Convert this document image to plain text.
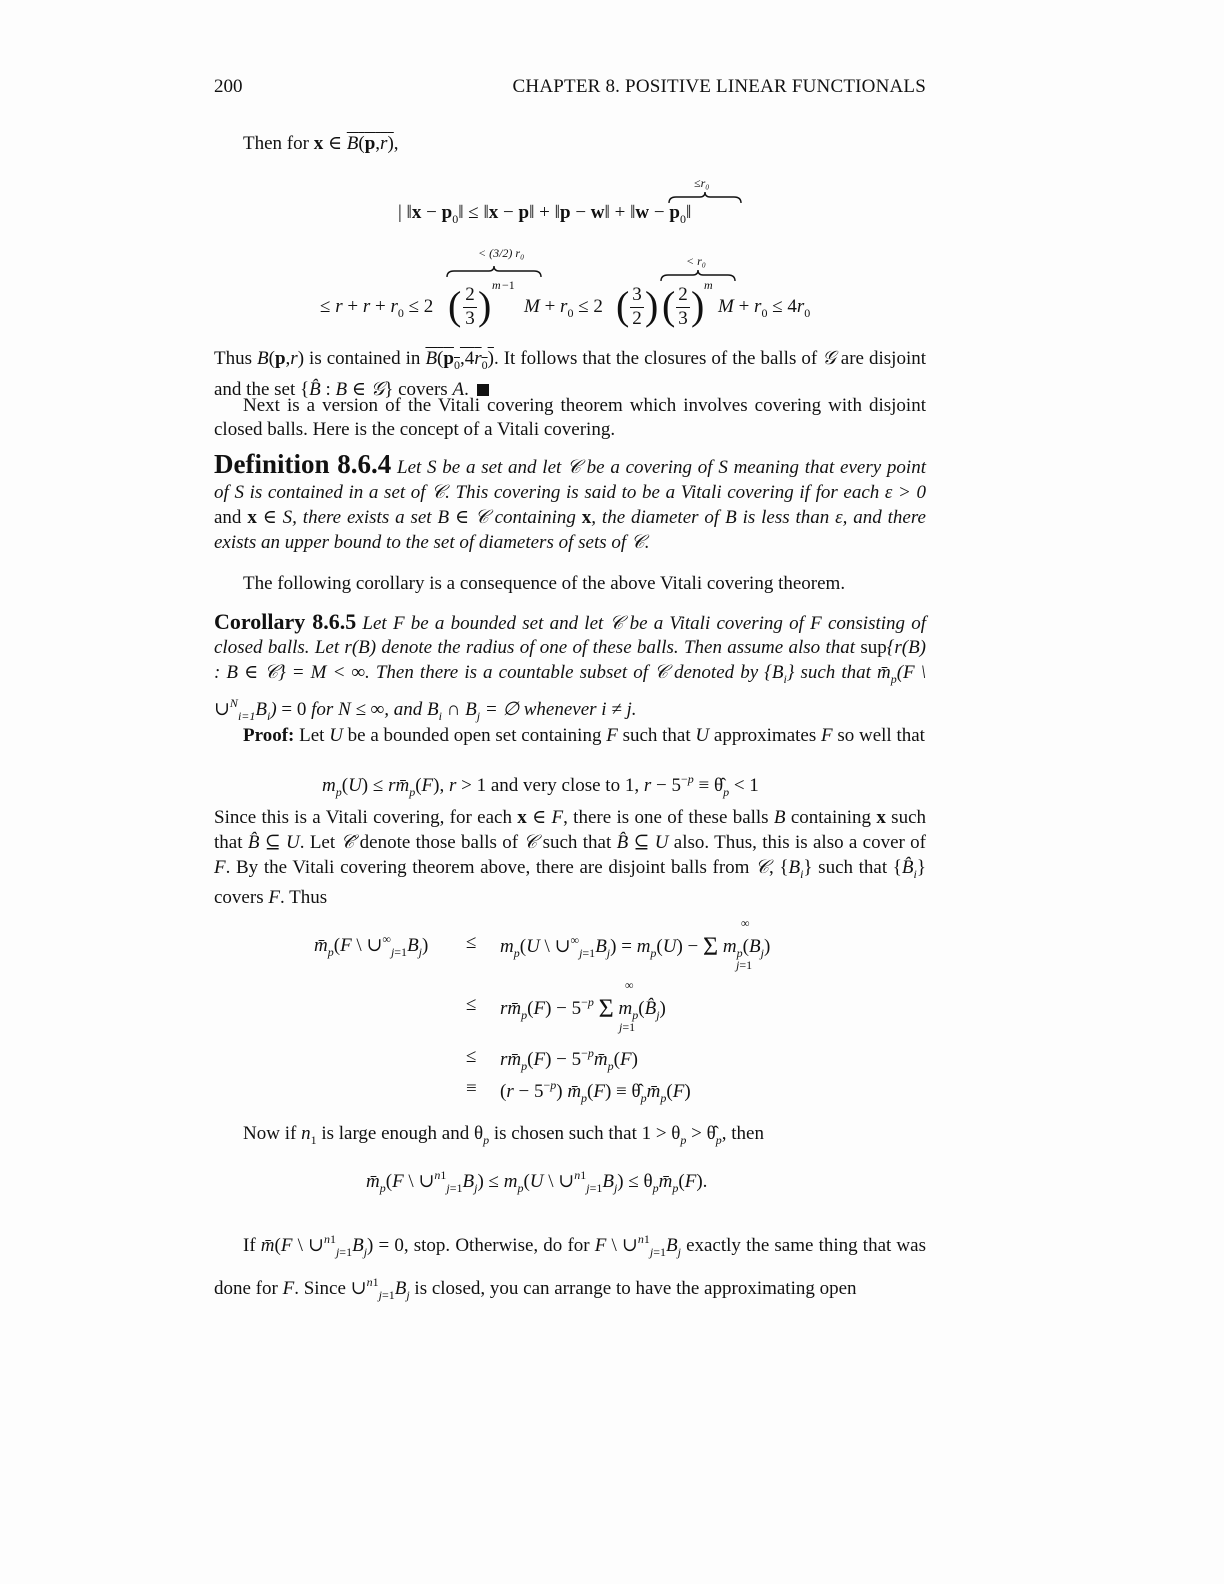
200	CHAPTER 8. POSITIVE LINEAR FUNCTIONALS
Then for x ∈ $\overline{B}(p,r)$,
≤r₀
| ‖x − $p_0‖$ ≤ ‖x − p‖ + ‖p − w‖ + ‖w − $p_0‖$
< (3/2) r₀
< r₀
≤ $r + r + r_0 \le 2$ ( 2
3 ) m −1
$M + r_0 \le 2$ ( 3
2 ) ( 2
3 ) m
$M + r_0 \le 4r_0$
Thus B(p,r) is contained in $B(p_0,4r_0)$. It follows that the closures of the balls of 𝒢 are disjoint and the set {B̂ : B ∈ 𝒢} covers A.
Next is a version of the Vitali covering theorem which involves covering with disjoint closed balls. Here is the concept of a Vitali covering.
Definition 8.6.4 Let S be a set and let 𝒞 be a covering of S meaning that every point of S is contained in a set of 𝒞. This covering is said to be a Vitali covering if for each ε > 0 and x ∈ S, there exists a set B ∈ 𝒞 containing x, the diameter of B is less than ε, and there exists an upper bound to the set of diameters of sets of 𝒞.
The following corollary is a consequence of the above Vitali covering theorem.
Corollary 8.6.5 Let F be a bounded set and let 𝒞 be a Vitali covering of F consisting of closed balls. Let r(B) denote the radius of one of these balls. Then assume also that sup{r(B) : B ∈ 𝒞} = M < ∞. Then there is a countable subset of 𝒞 denoted by $\{B_i\}$ such that $m̄_p(F$ \ $\cup^N_{i=1}B_i) = 0$ for N ≤ ∞, and $B_i$ ∩ $B_j$ = ∅ whenever i ≠ j.
Proof: Let U be a bounded open set containing F such that U approximates F so well that
$m_p(U)$ ≤ $rm̄_p(F)$, r > 1 and very close to 1, $r - 5^{-p}$ ≡ $\thetâ_p < 1$
Since this is a Vitali covering, for each x ∈ F, there is one of these balls B containing x such that B̂ ⊆ U. Let 𝒞̂ denote those balls of 𝒞 such that B̂ ⊆ U also. Thus, this is also a cover of F. By the Vitali covering theorem above, there are disjoint balls from 𝒞, $\{B_i\}$ such that $\{B̂_i\}$ covers F. Thus
$m̄_p(F$ \ $\cup^\infty_{j=1}B_j) \le m_p(U$ \ $\cup^\infty_{j=1}B_j) = m_p(U) - \Sigma$ $m_p(B_j)$
∞
j=1
≤ $rm̄_p(F) - 5^{-p}$ Σ $m_p(B̂_j)$
∞
j=1
≤ $rm̄_p(F)$ − $5^{-p}m̄_p(F)$
≡ $(r - 5^{-p})$ $m̄_p(F)$ ≡ $\thetâ_pm̄_p(F)$
Now if $n_1$ is large enough and $\theta_p$ is chosen such that $1 > \theta_p$ > $\thetâ_p$, then
$m̄_p(F$ \ $\cup^{n1}_{j=1}B_j) \le m_p(U$ \ $\cup^{n1}_{j=1}B_j$) ≤ $\theta_pm̄_p(F)$.
If m̄(F \ $\cup^{n1}_{j=1}B_j) = 0$, stop. Otherwise, do for F \ $\cup^{n1}_{j=1}B_j$ exactly the same thing that was done for F. Since $\cup^{n1}_{j=1}B_j$ is closed, you can arrange to have the approximating open
